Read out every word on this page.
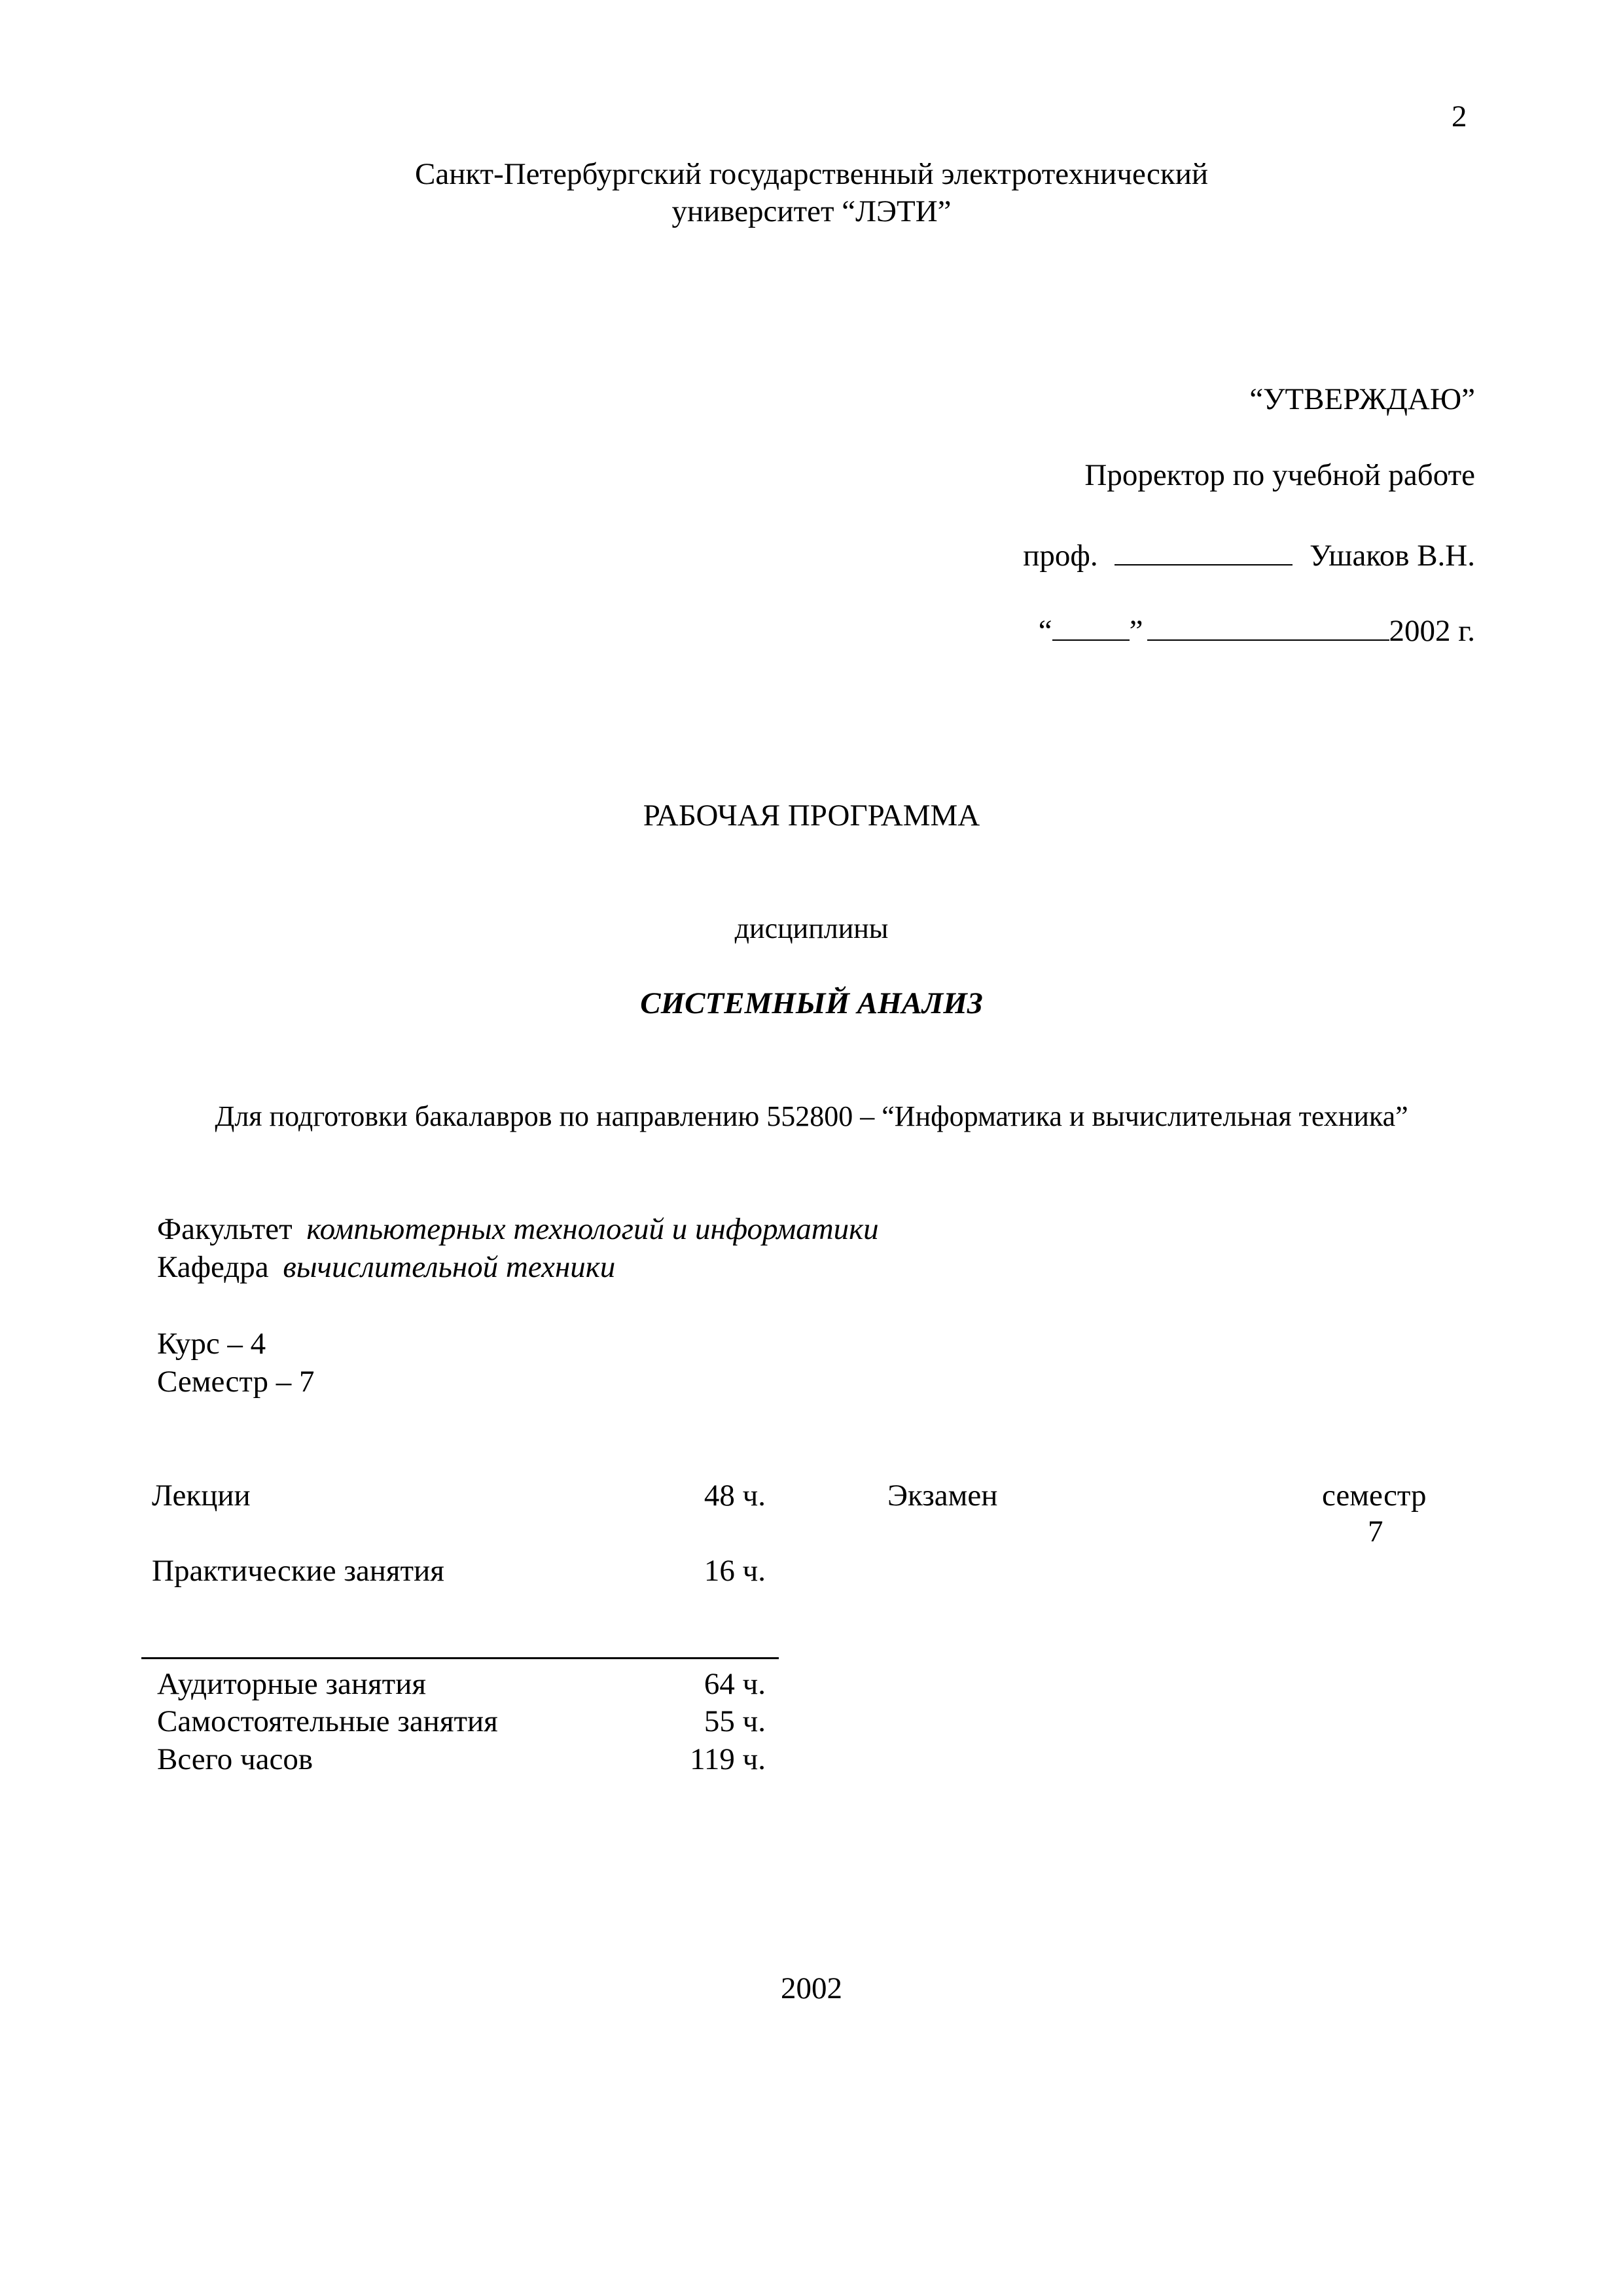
2
Санкт-Петербургский государственный электротехнический
университет “ЛЭТИ”
“УТВЕРЖДАЮ”
Проректор по учебной работе
проф.	Ушаков В.Н.
“	”	2002 г.
РАБОЧАЯ ПРОГРАММА
дисциплины
СИСТЕМНЫЙ АНАЛИЗ
Для подготовки бакалавров по направлению 552800 – “Информатика и вычислительная техника”
Факультет компьютерных технологий и информатики
Кафедра вычислительной техники
Курс – 4
Семестр – 7
Лекции	48 ч.	Экзамен	семестр
7
Практические занятия	16 ч.
Аудиторные занятия	64 ч.
Самостоятельные занятия	55 ч.
Всего часов	119 ч.
2002
